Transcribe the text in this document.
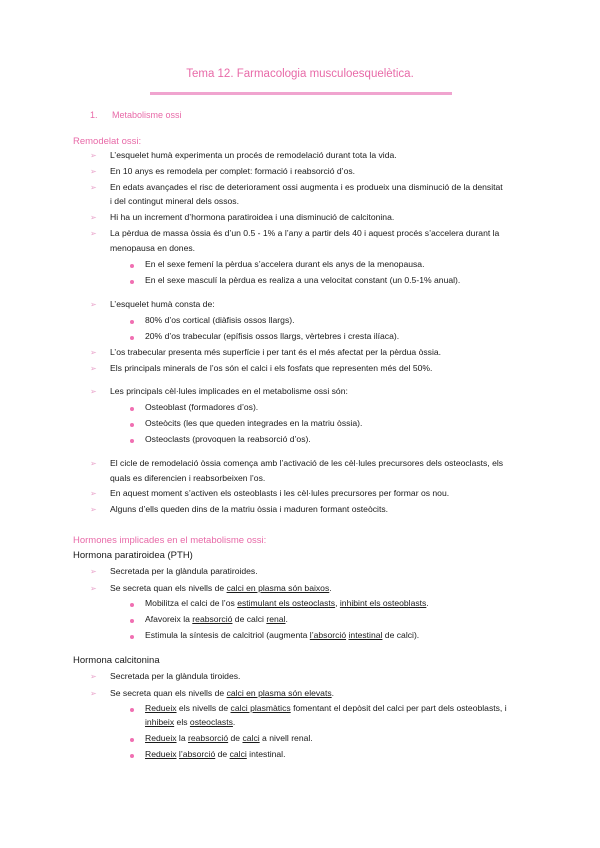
Tema 12. Farmacologia musculoesquelètica.
1. Metabolisme ossi
Remodelat ossi:
➢ L’esquelet humà experimenta un procés de remodelació durant tota la vida.
➢ En 10 anys es remodela per complet: formació i reabsorció d’os.
➢ En edats avançades el risc de deteriorament ossi augmenta i es produeix una disminució de la densitat
i del contingut mineral dels ossos.
➢ Hi ha un increment d’hormona paratiroidea i una disminució de calcitonina.
➢ La pèrdua de massa òssia és d’un 0.5 - 1% a l’any a partir dels 40 i aquest procés s’accelera durant la
menopausa en dones.
En el sexe femení la pèrdua s’accelera durant els anys de la menopausa.
En el sexe masculí la pèrdua es realiza a una velocitat constant (un 0.5-1% anual).
➢ L’esquelet humà consta de:
80% d’os cortical (diàfisis ossos llargs).
20% d’os trabecular (epífisis ossos llargs, vèrtebres i cresta ilíaca).
➢ L’os trabecular presenta més superfície i per tant és el més afectat per la pèrdua òssia.
➢ Els principals minerals de l’os són el calci i els fosfats que representen més del 50%.
➢ Les principals cèl·lules implicades en el metabolisme ossi són:
Osteoblast (formadores d’os).
Osteòcits (les que queden integrades en la matriu òssia).
Osteoclasts (provoquen la reabsorció d’os).
➢ El cicle de remodelació òssia comença amb l’activació de les cèl·lules precursores dels osteoclasts, els
quals es diferencien i reabsorbeixen l’os.
➢ En aquest moment s’activen els osteoblasts i les cèl·lules precursores per formar os nou.
➢ Alguns d’ells queden dins de la matriu òssia i maduren formant osteòcits.
Hormones implicades en el metabolisme ossi:
Hormona paratiroidea (PTH)
➢ Secretada per la glàndula paratiroides.
➢ Se secreta quan els nivells de calci en plasma són baixos.
Mobilitza el calci de l’os estimulant els osteoclasts, inhibint els osteoblasts.
Afavoreix la reabsorció de calci renal.
Estimula la síntesis de calcitriol (augmenta l’absorció intestinal de calci).
Hormona calcitonina
➢ Secretada per la glàndula tiroides.
➢ Se secreta quan els nivells de calci en plasma són elevats.
Redueix els nivells de calci plasmàtics fomentant el depòsit del calci per part dels osteoblasts, i
inhibeix els osteoclasts.
Redueix la reabsorció de calci a nivell renal.
Redueix l’absorció de calci intestinal.
